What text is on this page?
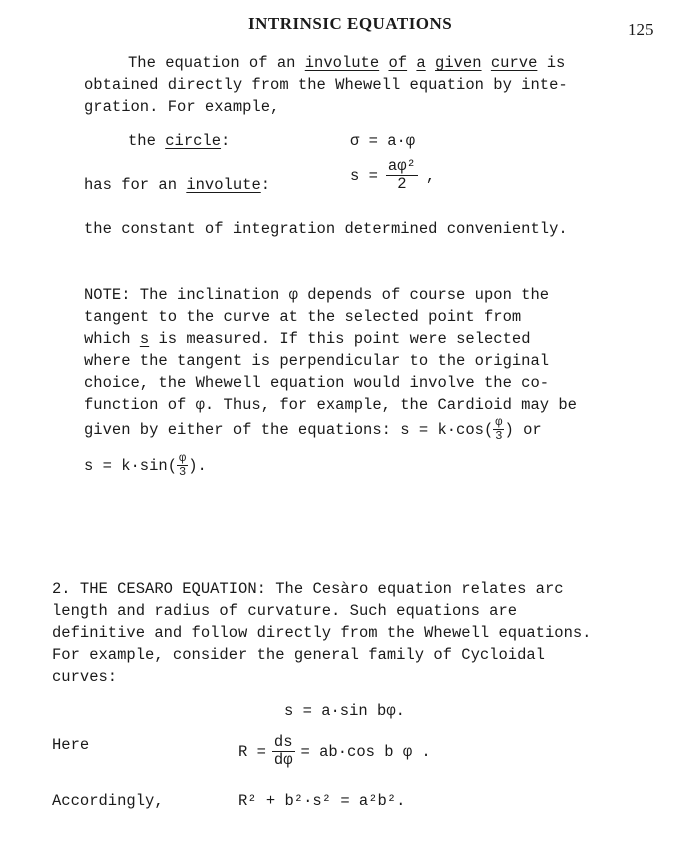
INTRINSIC EQUATIONS	125
The equation of an involute of a given curve is
obtained directly from the Whewell equation by inte-
gration. For example,
the circle:	σ = a·φ
has for an involute:
$s = \frac{\text{aφ²}}{2}$ ,
the constant of integration determined conveniently.
NOTE: The inclination φ depends of course upon the
tangent to the curve at the selected point from
which s is measured. If this point were selected
where the tangent is perpendicular to the original
choice, the Whewell equation would involve the co-
function of φ. Thus, for example, the Cardioid may be
given by either of the equations: $s = k\cdot\cos( \frac{\varphi}{3}$ ) or
$s = k\cdot\sin( \frac{\varphi}{3}$ ).
2. THE CESARO EQUATION: The Cesàro equation relates arc
length and radius of curvature. Such equations are
definitive and follow directly from the Whewell equations.
For example, consider the general family of Cycloidal
curves:
s = a·sin bφ.
Here	$R = \frac{ds}{d\varphi} = ab\cdot\cos$ b φ .
Accordingly,	R² + b²·s² = a²b².
